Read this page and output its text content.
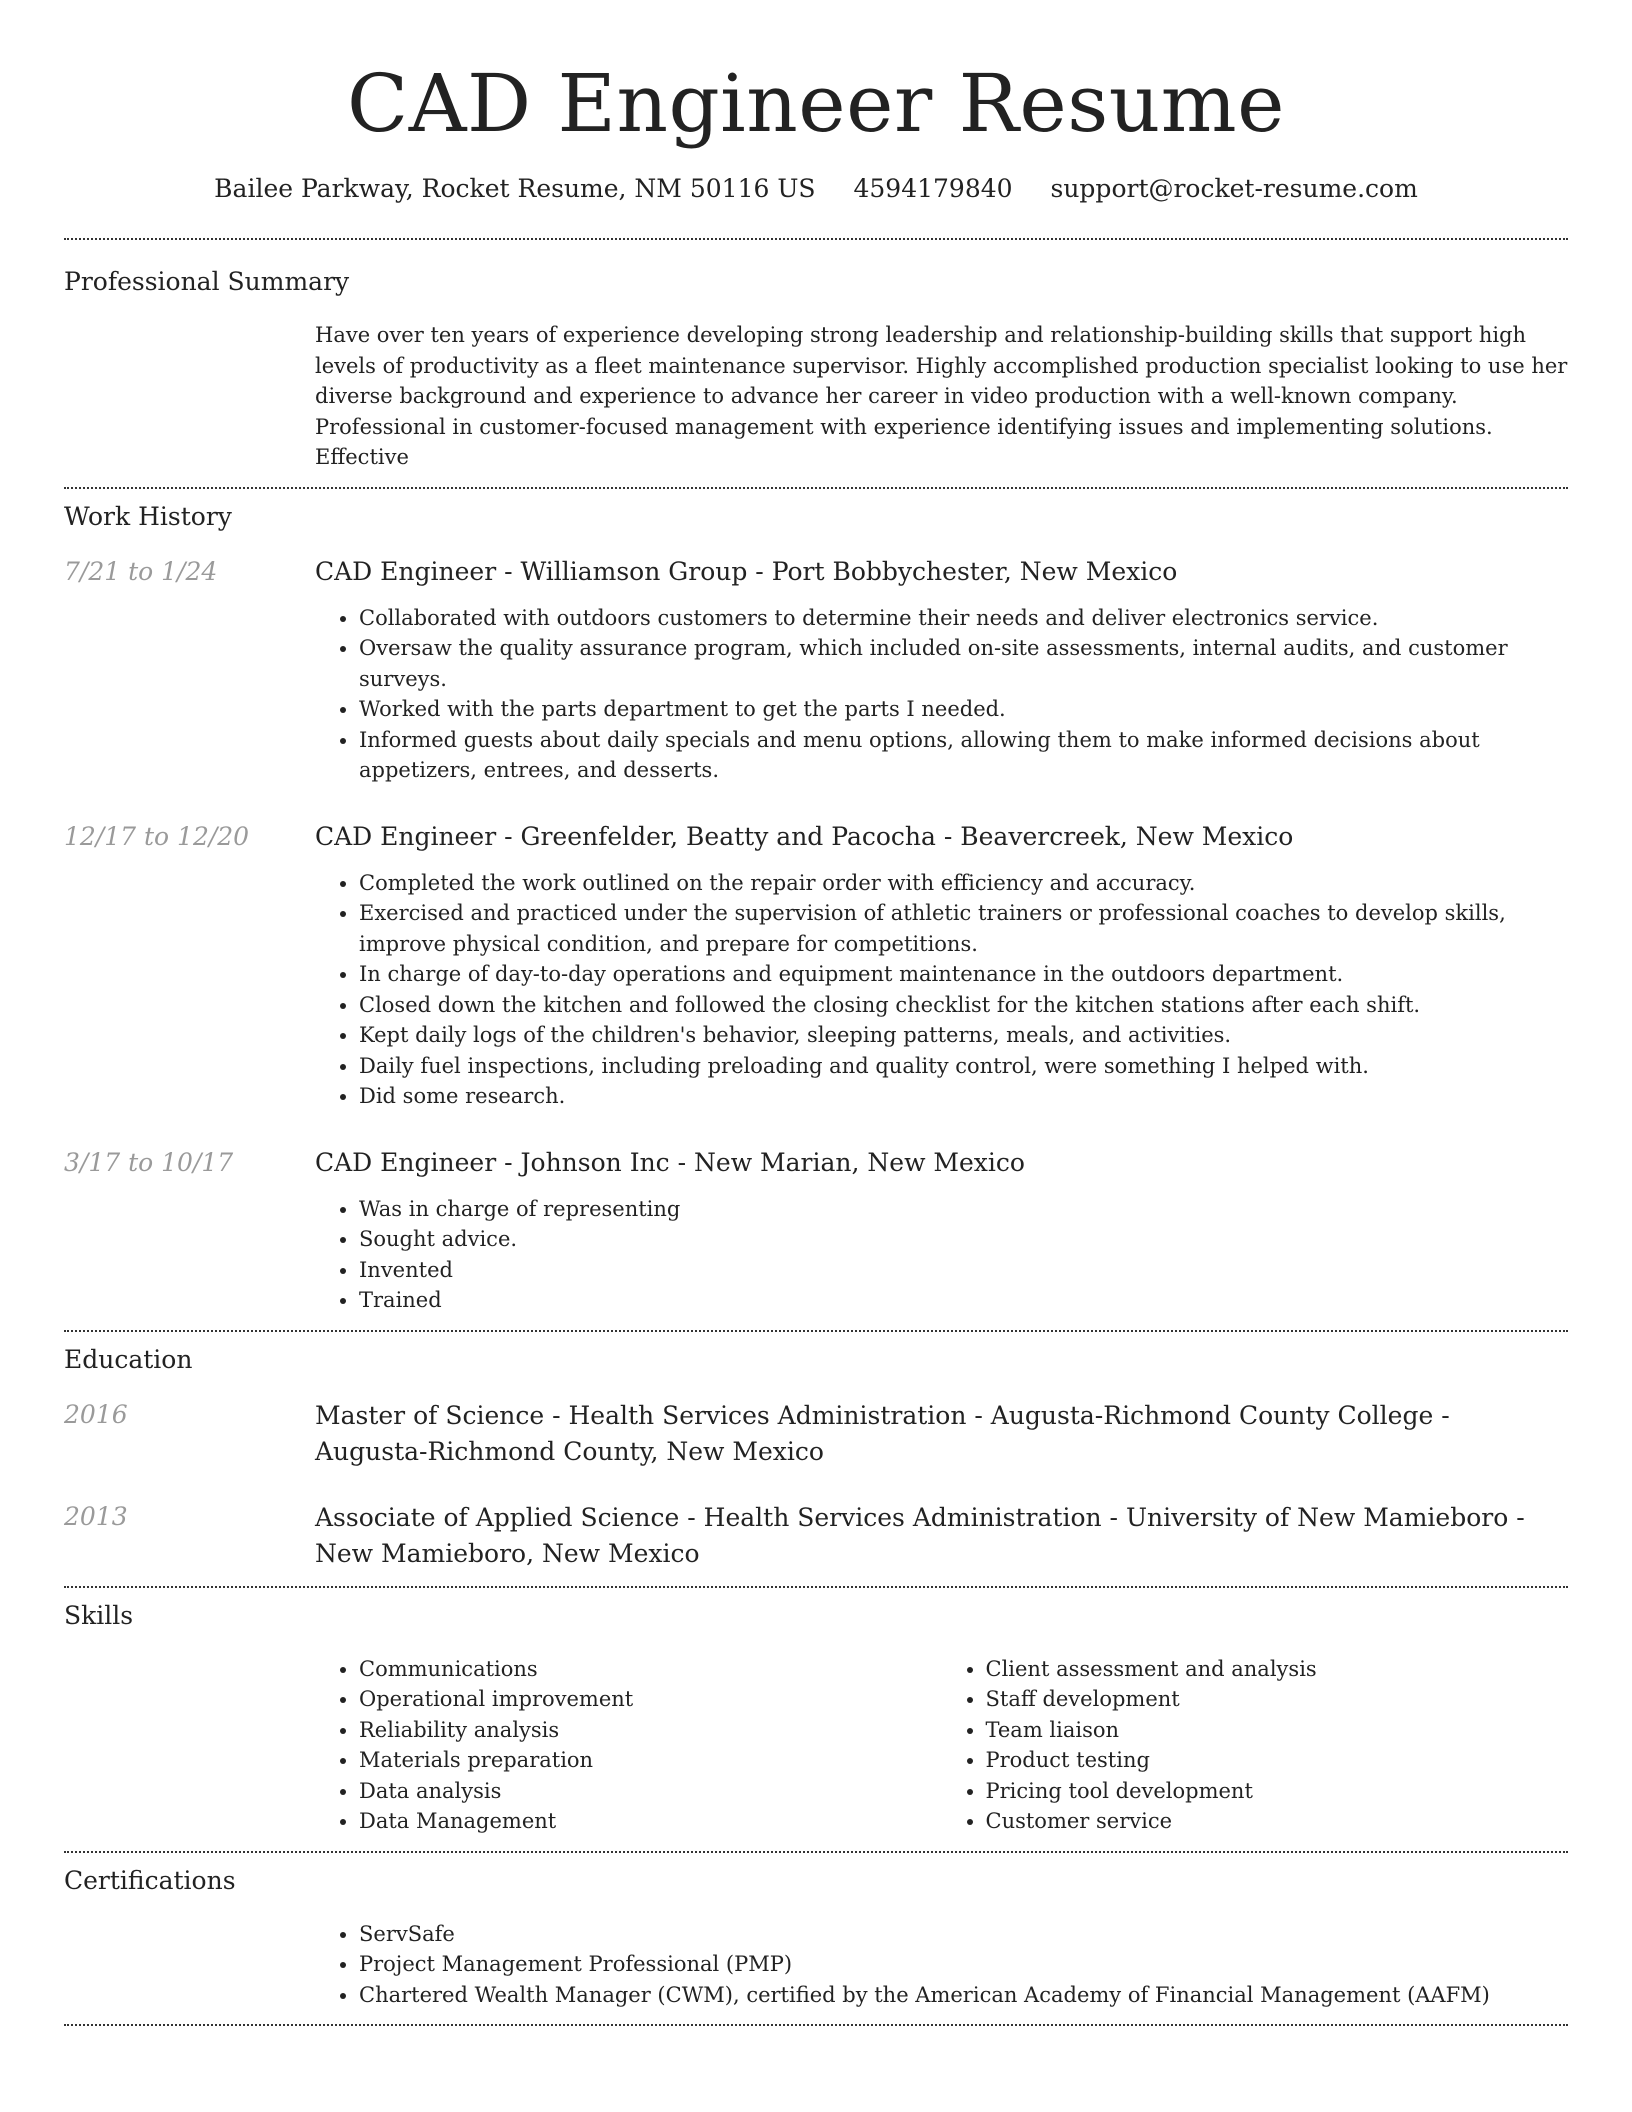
CAD Engineer Resume
Bailee Parkway, Rocket Resume, NM 50116 US 4594179840 support@rocket-resume.com
Professional Summary

Have over ten years of experience developing strong leadership and relationship-building skills that support high levels of productivity as a fleet maintenance supervisor. Highly accomplished production specialist looking to use her diverse background and experience to advance her career in video production with a well-known company. Professional in customer-focused management with experience identifying issues and implementing solutions. Effective

Work History
7/21 to 1/24	CAD Engineer - Williamson Group - Port Bobbychester, New Mexico

• Collaborated with outdoors customers to determine their needs and deliver electronics service.
• Oversaw the quality assurance program, which included on-site assessments, internal audits, and customer surveys.
• Worked with the parts department to get the parts I needed.
• Informed guests about daily specials and menu options, allowing them to make informed decisions about appetizers, entrees, and desserts.
12/17 to 12/20	CAD Engineer - Greenfelder, Beatty and Pacocha - Beavercreek, New Mexico

• Completed the work outlined on the repair order with efficiency and accuracy.
• Exercised and practiced under the supervision of athletic trainers or professional coaches to develop skills, improve physical condition, and prepare for competitions.
• In charge of day-to-day operations and equipment maintenance in the outdoors department.
• Closed down the kitchen and followed the closing checklist for the kitchen stations after each shift.
• Kept daily logs of the children's behavior, sleeping patterns, meals, and activities.
• Daily fuel inspections, including preloading and quality control, were something I helped with.
• Did some research.
3/17 to 10/17	CAD Engineer - Johnson Inc - New Marian, New Mexico

• Was in charge of representing
• Sought advice.
• Invented
• Trained
Education
2016	Master of Science - Health Services Administration - Augusta-Richmond County College - Augusta-Richmond County, New Mexico

2013	Associate of Applied Science - Health Services Administration - University of New Mamieboro - New Mamieboro, New Mexico

Skills
• Communications
• Operational improvement
• Reliability analysis
• Materials preparation
• Data analysis
• Data Management
• Client assessment and analysis
• Staff development
• Team liaison
• Product testing
• Pricing tool development
• Customer service
Certifications
• ServSafe
• Project Management Professional (PMP)
• Chartered Wealth Manager (CWM), certified by the American Academy of Financial Management (AAFM)
